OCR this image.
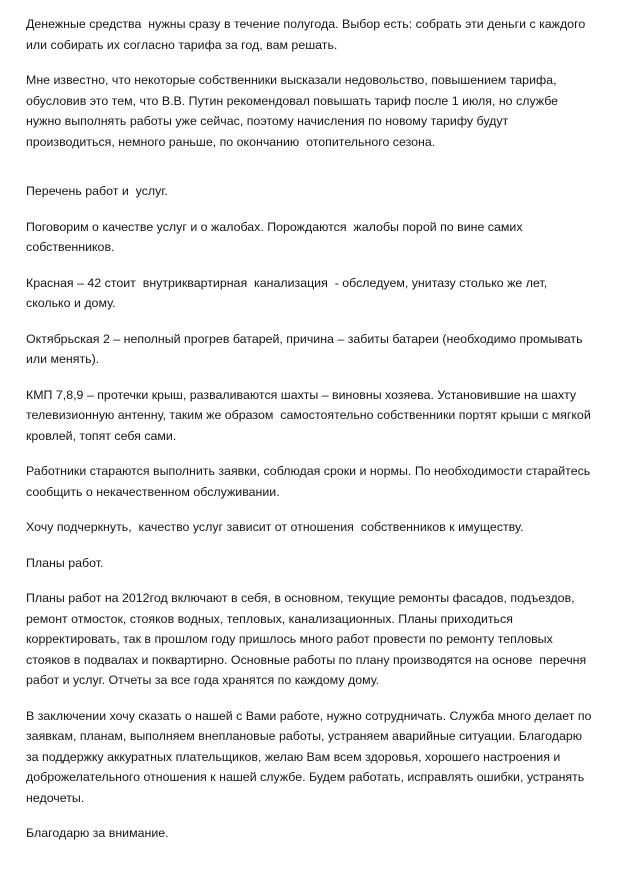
Денежные средства  нужны сразу в течение полугода. Выбор есть: собрать эти деньги с каждого или собирать их согласно тарифа за год, вам решать.

Мне известно, что некоторые собственники высказали недовольство, повышением тарифа, обусловив это тем, что В.В. Путин рекомендовал повышать тариф после 1 июля, но службе нужно выполнять работы уже сейчас, поэтому начисления по новому тарифу будут производиться, немного раньше, по окончанию  отопительного сезона.

Перечень работ и  услуг.

Поговорим о качестве услуг и о жалобах. Порождаются  жалобы порой по вине самих собственников.

Красная – 42 стоит  внутриквартирная  канализация  - обследуем, унитазу столько же лет, сколько и дому.

Октябрьская 2 – неполный прогрев батарей, причина – забиты батареи (необходимо промывать или менять).

КМП 7,8,9 – протечки крыш, разваливаются шахты – виновны хозяева. Установившие на шахту телевизионную антенну, таким же образом  самостоятельно собственники портят крыши с мягкой кровлей, топят себя сами.

Работники стараются выполнить заявки, соблюдая сроки и нормы. По необходимости старайтесь сообщить о некачественном обслуживании.

Хочу подчеркнуть,  качество услуг зависит от отношения  собственников к имуществу.

Планы работ.

Планы работ на 2012год включают в себя, в основном, текущие ремонты фасадов, подъездов, ремонт отмосток, стояков водных, тепловых, канализационных. Планы приходиться  корректировать, так в прошлом году пришлось много работ провести по ремонту тепловых стояков в подвалах и поквартирно. Основные работы по плану производятся на основе  перечня работ и услуг. Отчеты за все года хранятся по каждому дому.

В заключении хочу сказать о нашей с Вами работе, нужно сотрудничать. Служба много делает по заявкам, планам, выполняем внеплановые работы, устраняем аварийные ситуации. Благодарю за поддержку аккуратных плательщиков, желаю Вам всем здоровья, хорошего настроения и доброжелательного отношения к нашей службе. Будем работать, исправлять ошибки, устранять недочеты.

Благодарю за внимание.
